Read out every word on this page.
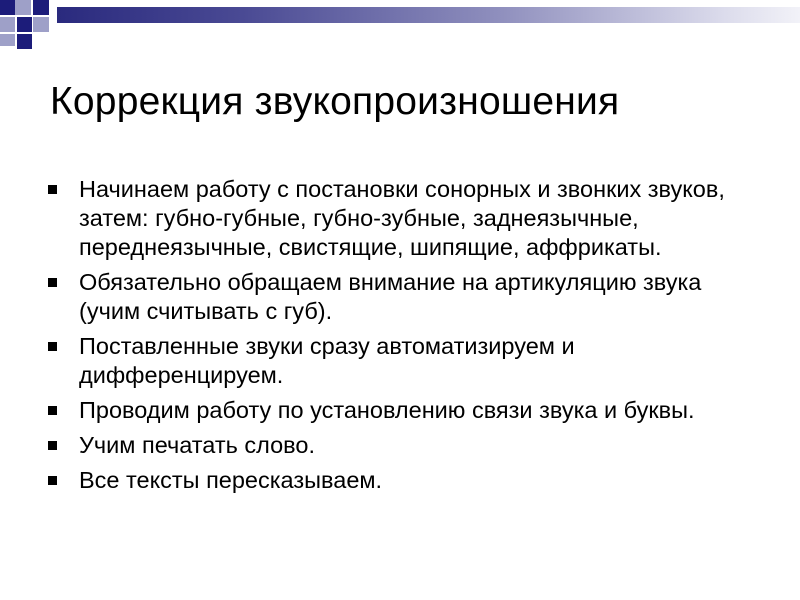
Коррекция звукопроизношения
Начинаем работу с постановки сонорных и звонких звуков, затем: губно-губные, губно-зубные, заднеязычные, переднеязычные, свистящие, шипящие, аффрикаты.
Обязательно обращаем внимание на артикуляцию звука (учим считывать с губ).
Поставленные звуки сразу автоматизируем и дифференцируем.
Проводим работу по установлению связи звука и буквы.
Учим печатать слово.
Все тексты пересказываем.
